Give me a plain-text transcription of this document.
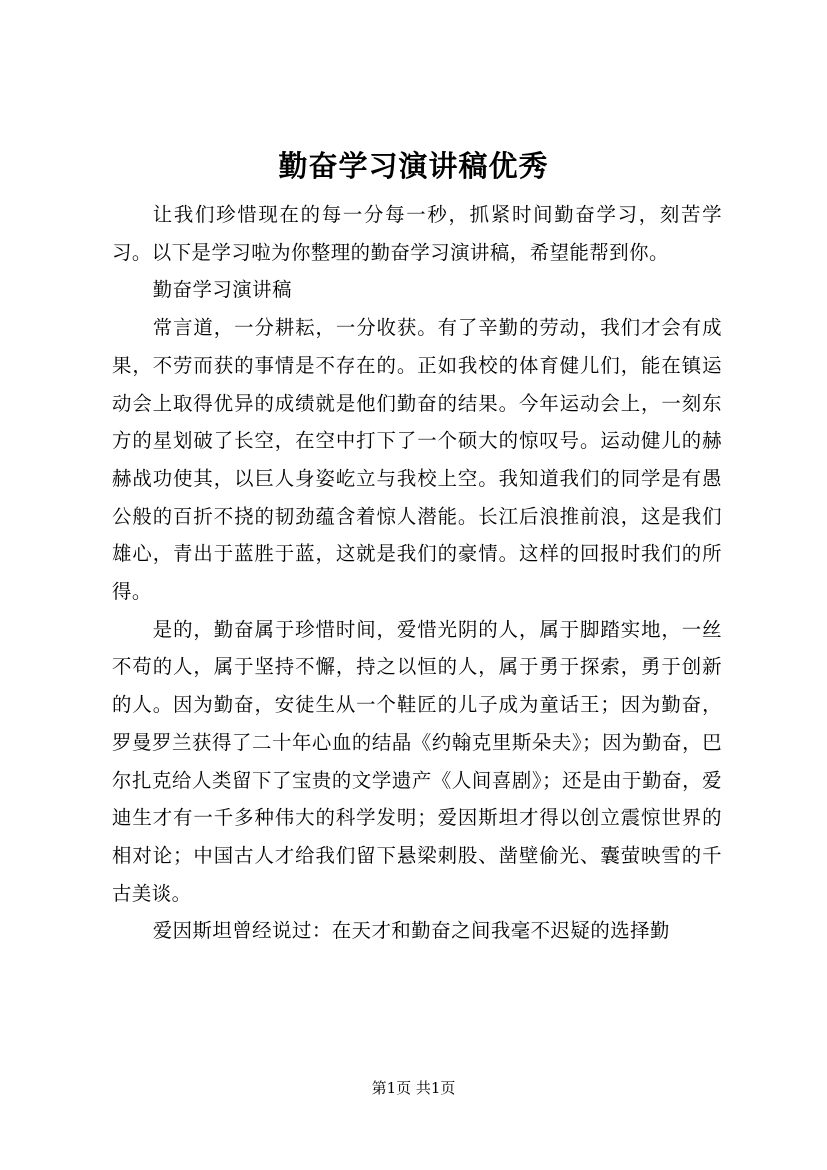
勤奋学习演讲稿优秀

让我们珍惜现在的每一分每一秒，抓紧时间勤奋学习，刻苦学习。以下是学习啦为你整理的勤奋学习演讲稿，希望能帮到你。

勤奋学习演讲稿

常言道，一分耕耘，一分收获。有了辛勤的劳动，我们才会有成果，不劳而获的事情是不存在的。正如我校的体育健儿们，能在镇运动会上取得优异的成绩就是他们勤奋的结果。今年运动会上，一刻东方的星划破了长空，在空中打下了一个硕大的惊叹号。运动健儿的赫赫战功使其，以巨人身姿屹立与我校上空。我知道我们的同学是有愚公般的百折不挠的韧劲蕴含着惊人潜能。长江后浪推前浪，这是我们雄心，青出于蓝胜于蓝，这就是我们的豪情。这样的回报时我们的所得。

是的，勤奋属于珍惜时间，爱惜光阴的人，属于脚踏实地，一丝不苟的人，属于坚持不懈，持之以恒的人，属于勇于探索，勇于创新的人。因为勤奋，安徒生从一个鞋匠的儿子成为童话王；因为勤奋，罗曼罗兰获得了二十年心血的结晶《约翰克里斯朵夫》；因为勤奋，巴尔扎克给人类留下了宝贵的文学遗产《人间喜剧》；还是由于勤奋，爱迪生才有一千多种伟大的科学发明；爱因斯坦才得以创立震惊世界的相对论；中国古人才给我们留下悬梁刺股、凿壁偷光、囊萤映雪的千古美谈。

爱因斯坦曾经说过：在天才和勤奋之间我毫不迟疑的选择勤

第1页 共1页
